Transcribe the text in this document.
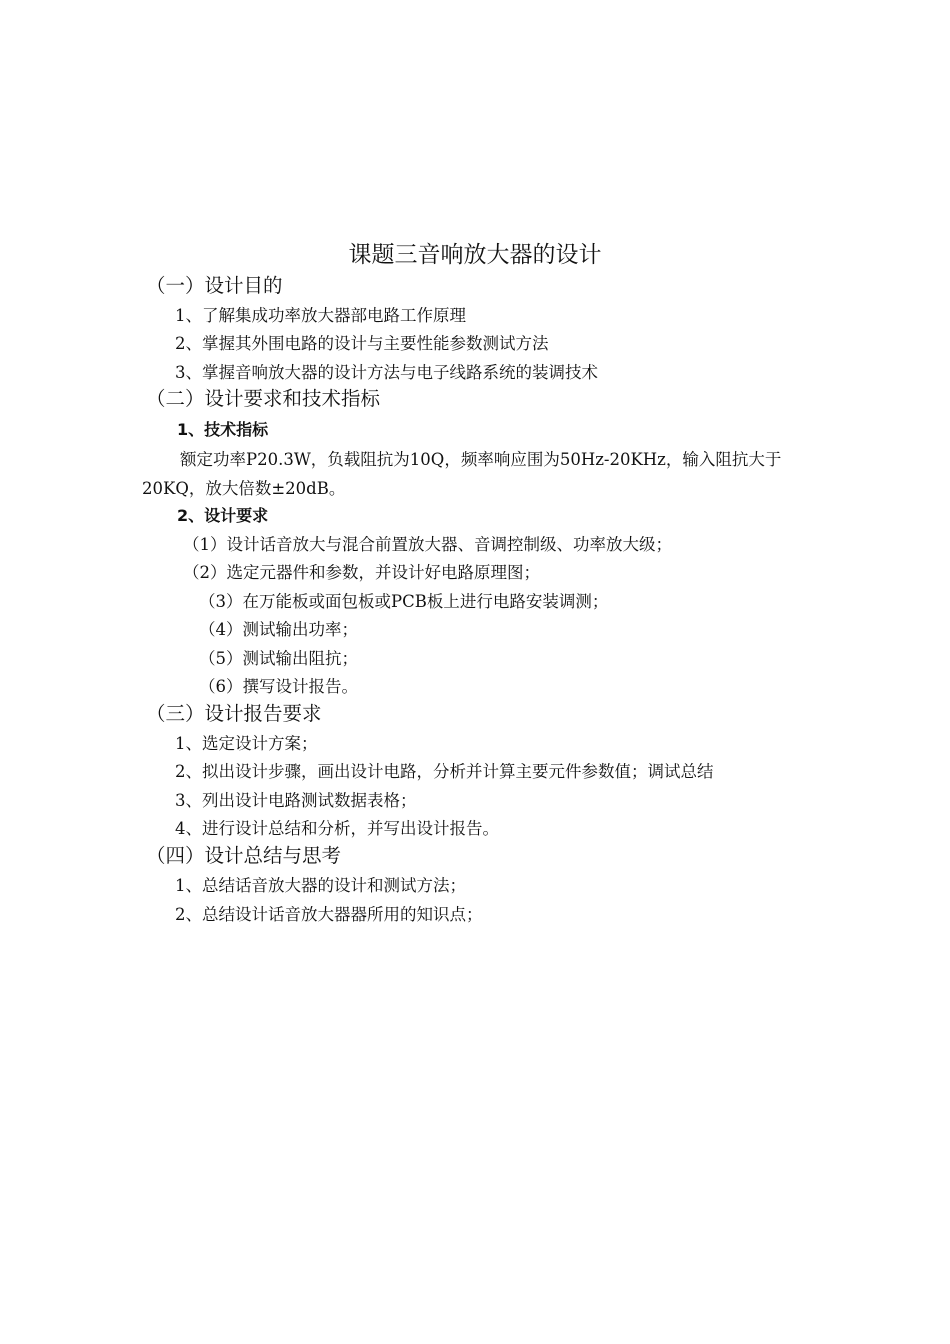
课题三音响放大器的设计
（一）设计目的
1、了解集成功率放大器部电路工作原理
2、掌握其外围电路的设计与主要性能参数测试方法
3、掌握音响放大器的设计方法与电子线路系统的装调技术
（二）设计要求和技术指标
1、技术指标

额定功率P20.3W，负载阻抗为10Q，频率响应围为50Hz-20KHz，输入阻抗大于20KQ，放大倍数±20dB。

2、设计要求
（1）设计话音放大与混合前置放大器、音调控制级、功率放大级；
（2）选定元器件和参数，并设计好电路原理图；
（3）在万能板或面包板或PCB板上进行电路安装调测；
（4）测试输出功率；
（5）测试输出阻抗；
（6）撰写设计报告。
（三）设计报告要求
1、选定设计方案；
2、拟出设计步骤，画出设计电路，分析并计算主要元件参数值；调试总结
3、列出设计电路测试数据表格；
4、进行设计总结和分析，并写出设计报告。
（四）设计总结与思考
1、总结话音放大器的设计和测试方法；
2、总结设计话音放大器器所用的知识点；
